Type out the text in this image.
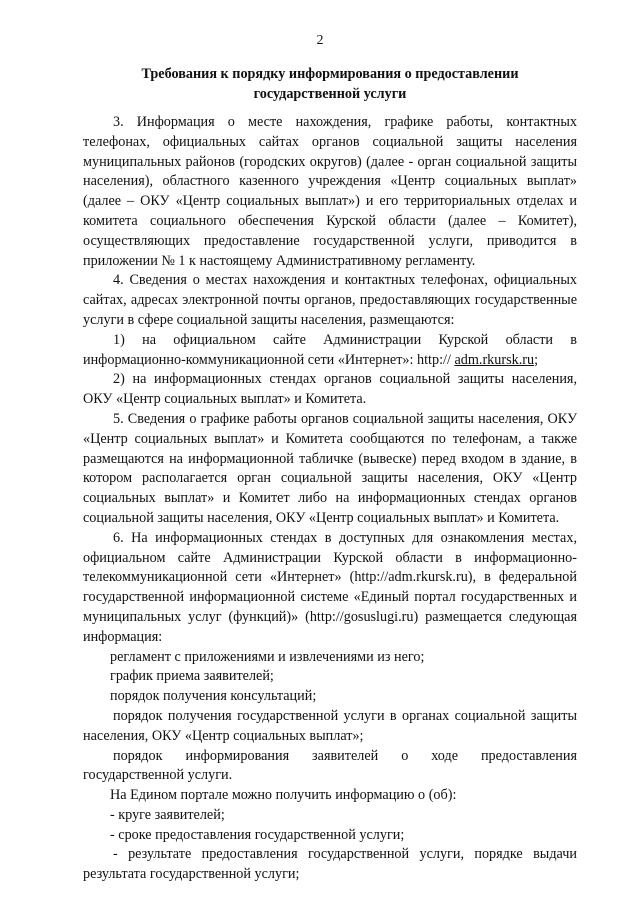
2
Требования к порядку информирования о предоставлении
государственной услуги

3. Информация о месте нахождения, графике работы, контактных телефонах, официальных сайтах органов социальной защиты населения муниципальных районов (городских округов) (далее - орган социальной защиты населения), областного казенного учреждения «Центр социальных выплат» (далее – ОКУ «Центр социальных выплат») и его территориальных отделах и комитета социального обеспечения Курской области (далее – Комитет), осуществляющих предоставление государственной услуги, приводится в приложении № 1 к настоящему Административному регламенту.

4. Сведения о местах нахождения и контактных телефонах, официальных сайтах, адресах электронной почты органов, предоставляющих государственные услуги в сфере социальной защиты населения, размещаются:

1) на официальном сайте Администрации Курской области в информационно-коммуникационной сети «Интернет»: http:// adm.rkursk.ru;

2) на информационных стендах органов социальной защиты населения, ОКУ «Центр социальных выплат» и Комитета.

5. Сведения о графике работы органов социальной защиты населения, ОКУ «Центр социальных выплат» и Комитета сообщаются по телефонам, а также размещаются на информационной табличке (вывеске) перед входом в здание, в котором располагается орган социальной защиты населения, ОКУ «Центр социальных выплат» и Комитет либо на информационных стендах органов социальной защиты населения, ОКУ «Центр социальных выплат» и Комитета.

6. На информационных стендах в доступных для ознакомления местах, официальном сайте Администрации Курской области в информационно-телекоммуникационной сети «Интернет» (http://adm.rkursk.ru), в федеральной государственной информационной системе «Единый портал государственных и муниципальных услуг (функций)» (http://gosuslugi.ru) размещается следующая информация:

регламент с приложениями и извлечениями из него;

график приема заявителей;

порядок получения консультаций;

порядок получения государственной услуги в органах социальной защиты населения, ОКУ «Центр социальных выплат»;

порядок информирования заявителей о ходе предоставления государственной услуги.

На Едином портале можно получить информацию о (об):

- круге заявителей;

- сроке предоставления государственной услуги;

- результате предоставления государственной услуги, порядке выдачи результата государственной услуги;
